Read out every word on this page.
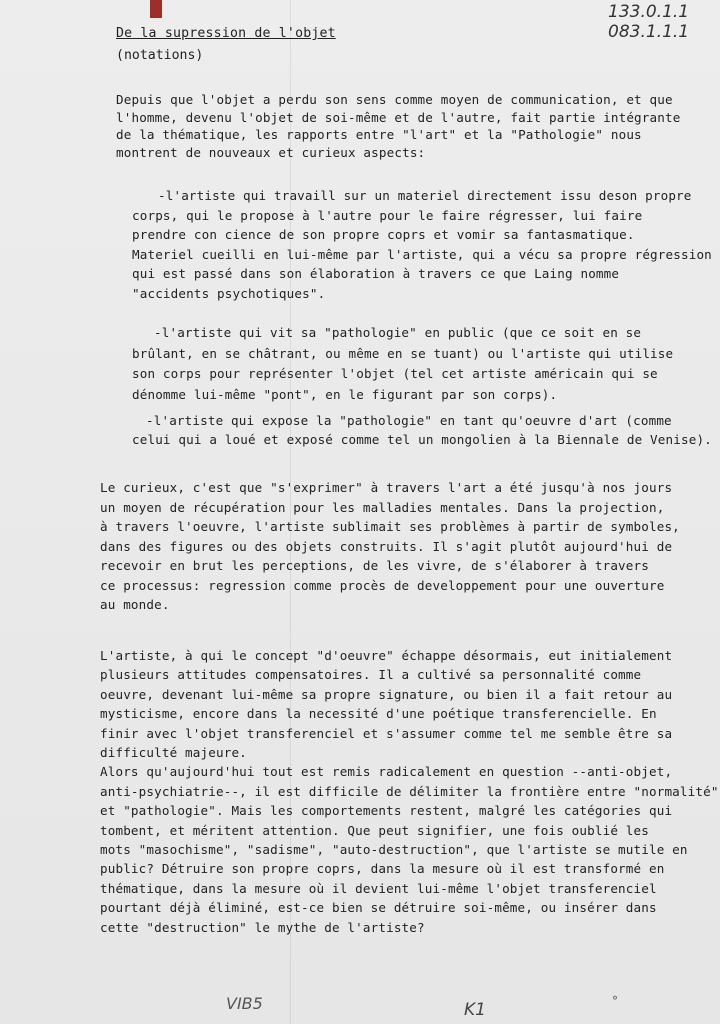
133.0.1.1
083.1.1.1
De la supression de l'objet
(notations)
Depuis que l'objet a perdu son sens comme moyen de communication, et que
l'homme, devenu l'objet de soi-même et de l'autre, fait partie intégrante
de la thématique, les rapports entre "l'art" et la "Pathologie" nous
montrent de nouveaux et curieux aspects:
-l'artiste qui travaill sur un materiel directement issu deson propre
corps, qui le propose à l'autre pour le faire régresser, lui faire
prendre con cience de son propre coprs et vomir sa fantasmatique.
Materiel cueilli en lui-même par l'artiste, qui a vécu sa propre régression
qui est passé dans son élaboration à travers ce que Laing nomme
"accidents psychotiques".
-l'artiste qui vit sa "pathologie" en public (que ce soit en se
brûlant, en se châtrant, ou même en se tuant) ou l'artiste qui utilise
son corps pour représenter l'objet (tel cet artiste américain qui se
dénomme lui-même "pont", en le figurant par son corps).
-l'artiste qui expose la "pathologie" en tant qu'oeuvre d'art (comme
celui qui a loué et exposé comme tel un mongolien à la Biennale de Venise).
Le curieux, c'est que "s'exprimer" à travers l'art a été jusqu'à nos jours
un moyen de récupération pour les malladies mentales. Dans la projection,
à travers l'oeuvre, l'artiste sublimait ses problèmes à partir de symboles,
dans des figures ou des objets construits. Il s'agit plutôt aujourd'hui de
recevoir en brut les perceptions, de les vivre, de s'élaborer à travers
ce processus: regression comme procès de developpement pour une ouverture
au monde.
L'artiste, à qui le concept "d'oeuvre" échappe désormais, eut initialement
plusieurs attitudes compensatoires. Il a cultivé sa personnalité comme
oeuvre, devenant lui-même sa propre signature, ou bien il a fait retour au
mysticisme, encore dans la necessité d'une poétique transferencielle. En
finir avec l'objet transferenciel et s'assumer comme tel me semble être sa
difficulté majeure.
Alors qu'aujourd'hui tout est remis radicalement en question --anti-objet,
anti-psychiatrie--, il est difficile de délimiter la frontière entre "normalité"
et "pathologie". Mais les comportements restent, malgré les catégories qui
tombent, et méritent attention. Que peut signifier, une fois oublié les
mots "masochisme", "sadisme", "auto-destruction", que l'artiste se mutile en
public? Détruire son propre coprs, dans la mesure où il est transformé en
thématique, dans la mesure où il devient lui-même l'objet transferenciel
pourtant déjà éliminé, est-ce bien se détruire soi-même, ou insérer dans
cette "destruction" le mythe de l'artiste?
VIB5	K1	°
